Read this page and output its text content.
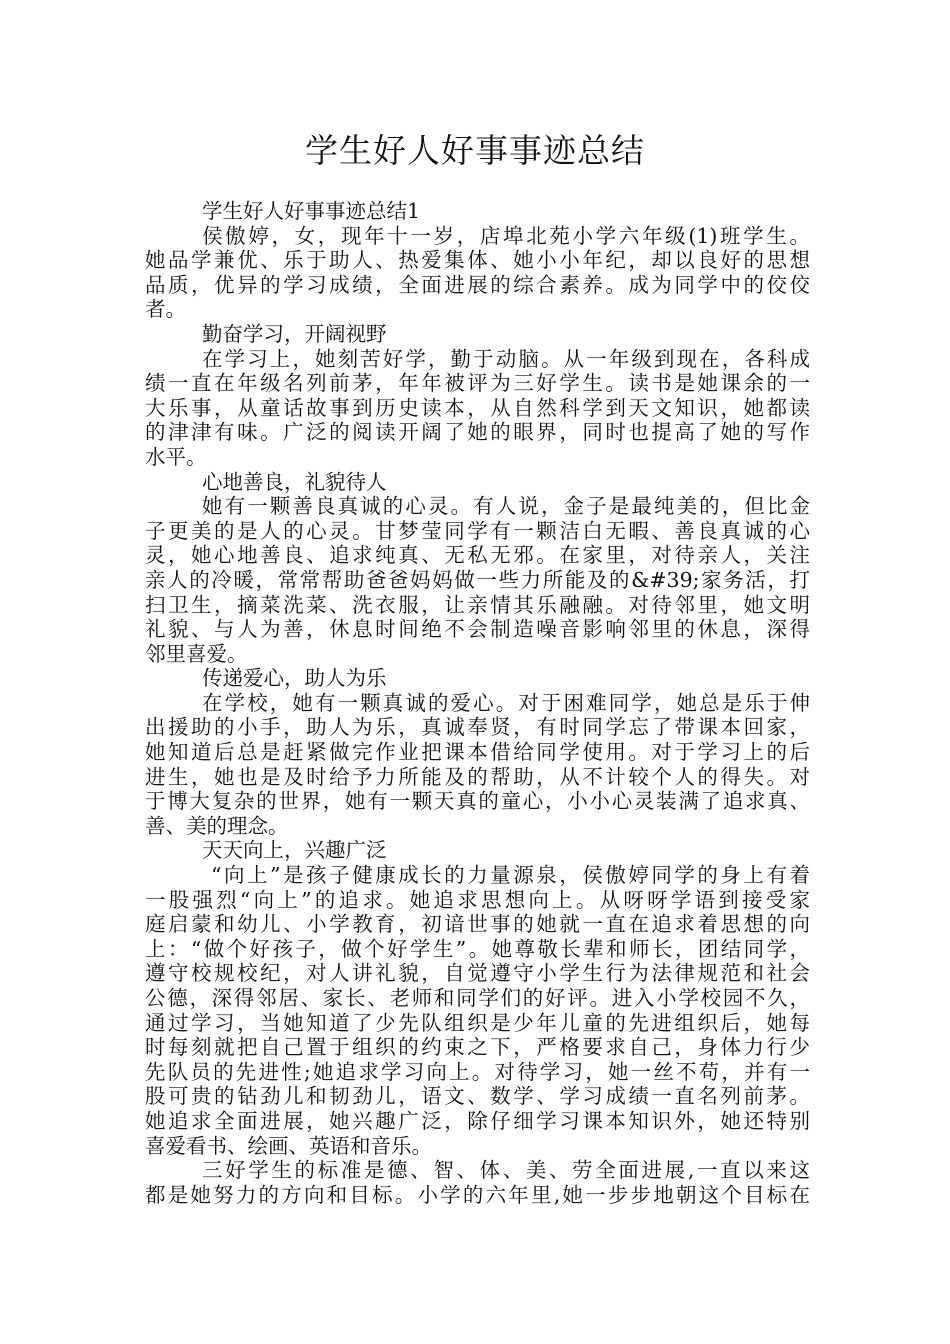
学生好人好事事迹总结
学生好人好事事迹总结1
侯傲婷，女，现年十一岁，店埠北苑小学六年级(1)班学生。
她品学兼优、乐于助人、热爱集体、她小小年纪，却以良好的思想
品质，优异的学习成绩，全面进展的综合素养。成为同学中的佼佼
者。
勤奋学习，开阔视野
在学习上，她刻苦好学，勤于动脑。从一年级到现在，各科成
绩一直在年级名列前茅，年年被评为三好学生。读书是她课余的一
大乐事，从童话故事到历史读本，从自然科学到天文知识，她都读
的津津有味。广泛的阅读开阔了她的眼界，同时也提高了她的写作
水平。
心地善良，礼貌待人
她有一颗善良真诚的心灵。有人说，金子是最纯美的，但比金
子更美的是人的心灵。甘梦莹同学有一颗洁白无暇、善良真诚的心
灵，她心地善良、追求纯真、无私无邪。在家里，对待亲人，关注
亲人的冷暖，常常帮助爸爸妈妈做一些力所能及的&#39;家务活，打
扫卫生，摘菜洗菜、洗衣服，让亲情其乐融融。对待邻里，她文明
礼貌、与人为善，休息时间绝不会制造噪音影响邻里的休息，深得
邻里喜爱。
传递爱心，助人为乐
在学校，她有一颗真诚的爱心。对于困难同学，她总是乐于伸
出援助的小手，助人为乐，真诚奉贤，有时同学忘了带课本回家，
她知道后总是赶紧做完作业把课本借给同学使用。对于学习上的后
进生，她也是及时给予力所能及的帮助，从不计较个人的得失。对
于博大复杂的世界，她有一颗天真的童心，小小心灵装满了追求真、
善、美的理念。
天天向上，兴趣广泛
“向上”是孩子健康成长的力量源泉，侯傲婷同学的身上有着
一股强烈“向上”的追求。她追求思想向上。从呀呀学语到接受家
庭启蒙和幼儿、小学教育，初谙世事的她就一直在追求着思想的向
上：“做个好孩子，做个好学生”。她尊敬长辈和师长，团结同学，
遵守校规校纪，对人讲礼貌，自觉遵守小学生行为法律规范和社会
公德，深得邻居、家长、老师和同学们的好评。进入小学校园不久，
通过学习，当她知道了少先队组织是少年儿童的先进组织后，她每
时每刻就把自己置于组织的约束之下，严格要求自己，身体力行少
先队员的先进性;她追求学习向上。对待学习，她一丝不苟，并有一
股可贵的钻劲儿和韧劲儿，语文、数学、学习成绩一直名列前茅。
她追求全面进展，她兴趣广泛，除仔细学习课本知识外，她还特别
喜爱看书、绘画、英语和音乐。
三好学生的标准是德、智、体、美、劳全面进展,一直以来这
都是她努力的方向和目标。小学的六年里,她一步步地朝这个目标在
